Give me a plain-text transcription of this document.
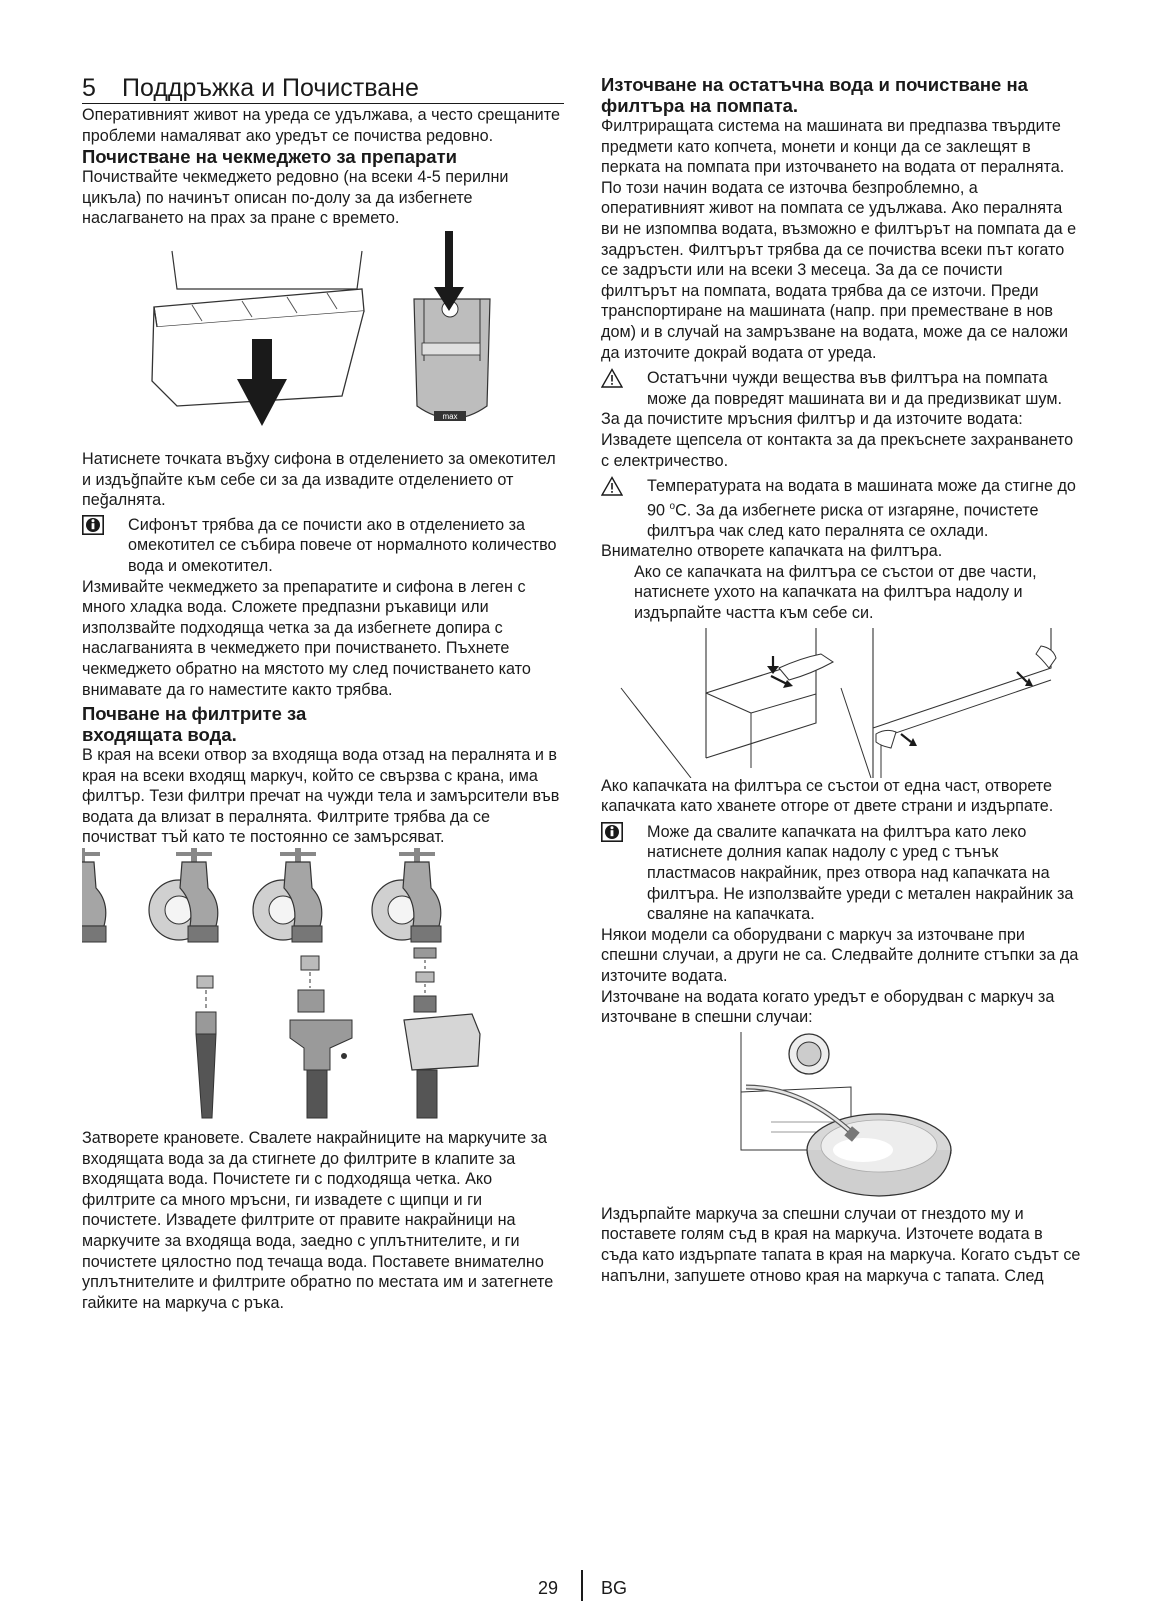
5 Поддръжка и Почистване

Оперативният живот на уреда се удължава, а често срещаните проблеми намаляват ако уредът се почиства редовно.

Почистване на чекмеджето за препарати

Почиствайте чекмеджето редовно (на всеки 4-5 перилни цикъла) по начинът описан по-долу за да избегнете наслагването на прах за пране с времето.

max

Натиснете точката въğху сифона в отделението за омекотител и издъğпайте към себе си за да извадите отделението от пеğалнята.

Сифонът трябва да се почисти ако в отделението за омекотител се събира повече от нормалното количество вода и омекотител.

Измивайте чекмеджето за препаратите и сифона в леген с много хладка вода. Сложете предпазни ръкавици или използвайте подходяща четка за да избегнете допира с наслагванията в чекмеджето при почистването. Пъхнете чекмеджето обратно на мястото му след почистването като внимавате да го наместите както трябва.

Почване на филтрите за входящата вода.

В края на всеки отвор за входяща вода отзад на пералнята и в края на всеки входящ маркуч, който се свързва с крана, има филтър. Тези филтри пречат на чужди тела и замърсители във водата да влизат в пералнята. Филтрите трябва да се почистват тъй като те постоянно се замърсяват.

Затворете крановете. Свалете накрайниците на маркучите за входящата вода за да стигнете до филтрите в клапите за входящата вода. Почистете ги с подходяща четка. Ако филтрите са много мръсни, ги извадете с щипци и ги почистете. Извадете филтрите от правите накрайници на маркучите за входяща вода, заедно с уплътнителите, и ги почистете цялостно под течаща вода. Поставете внимателно уплътнителите и филтрите обратно по местата им и затегнете гайките на маркуча с ръка.

Източване на остатъчна вода и почистване на филтъра на помпата.

Филтриращата система на машината ви предпазва твърдите предмети като копчета, монети и конци да се заклещят в перката на помпата при източването на водата от пералнята. По този начин водата се източва безпроблемно, а оперативният живот на помпата се удължава. Ако пералнята ви не изпомпва водата, възможно е филтърът на помпата да е задръстен. Филтърът трябва да се почиства всеки път когато се задръсти или на всеки 3 месеца. За да се почисти филтърът на помпата, водата трябва да се източи. Преди транспортиране на машината (напр. при преместване в нов дом) и в случай на замръзване на водата, може да се наложи да източите докрай водата от уреда.

Остатъчни чужди вещества във филтъра на помпата може да повредят машината ви и да предизвикат шум.

За да почистите мръсния филтър и да източите водата:

Извадете щепсела от контакта за да прекъснете захранването с електричество.

Температурата на водата в машината може да стигне до 90 $^о$С. За да избегнете риска от изгаряне, почистете филтъра чак след като пералнята се охлади.

Внимателно отворете капачката на филтъра.

Ако се капачката на филтъра се състои от две части, натиснете ухото на капачката на филтъра надолу и издърпайте частта към себе си.

Ако капачката на филтъра се състои от една част, отворете капачката като хванете отгоре от двете страни и издърпате.

Може да свалите капачката на филтъра като леко натиснете долния капак надолу с уред с тънък пластмасов накрайник, през отвора над капачката на филтъра. Не използвайте уреди с метален накрайник за сваляне на капачката.

Някои модели са оборудвани с маркуч за източване при спешни случаи, а други не са. Следвайте долните стъпки за да източите водата.

Източване на водата когато уредът е оборудван с маркуч за източване в спешни случаи:

Издърпайте маркуча за спешни случаи от гнездото му и поставете голям съд в края на маркуча. Източете водата в съда като издърпате тапата в края на маркуча. Когато съдът се напълни, запушете отново края на маркуча с тапата. След

29 BG
